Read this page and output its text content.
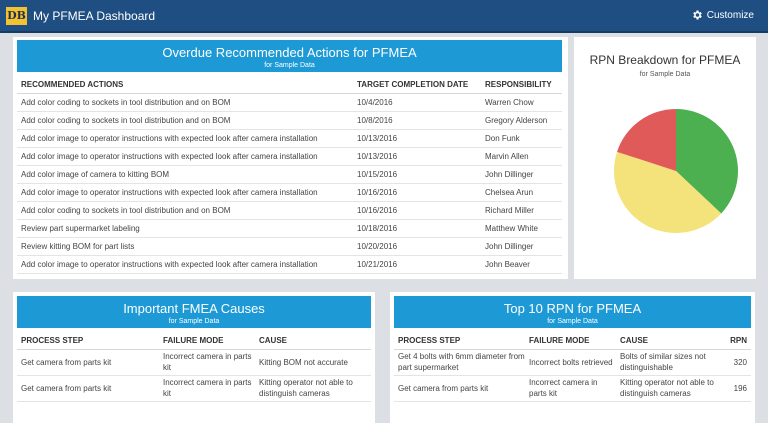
DB My PFMEA Dashboard	Customize
Overdue Recommended Actions for PFMEA
for Sample Data
RECOMMENDED ACTIONS	TARGET COMPLETION DATE	RESPONSIBILITY
Add color coding to sockets in tool distribution and on BOM	10/4/2016	Warren Chow
Add color coding to sockets in tool distribution and on BOM	10/8/2016	Gregory Alderson
Add color image to operator instructions with expected look after camera installation	10/13/2016	Don Funk
Add color image to operator instructions with expected look after camera installation	10/13/2016	Marvin Allen
Add color image of camera to kitting BOM	10/15/2016	John Dillinger
Add color image to operator instructions with expected look after camera installation	10/16/2016	Chelsea Arun
Add color coding to sockets in tool distribution and on BOM	10/16/2016	Richard Miller
Review part supermarket labeling	10/18/2016	Matthew White
Review kitting BOM for part lists	10/20/2016	John Dillinger
Add color image to operator instructions with expected look after camera installation	10/21/2016	John Beaver
RPN Breakdown for PFMEA
for Sample Data
Important FMEA Causes
for Sample Data
PROCESS STEP	FAILURE MODE	CAUSE
Get camera from parts kit	Incorrect camera in parts kit	Kitting BOM not accurate
Get camera from parts kit	Incorrect camera in parts kit	Kitting operator not able to distinguish cameras
Top 10 RPN for PFMEA
for Sample Data
PROCESS STEP	FAILURE MODE	CAUSE	RPN
Get 4 bolts with 6mm diameter from part supermarket	Incorrect bolts retrieved	Bolts of similar sizes not distinguishable	320
Get camera from parts kit	Incorrect camera in parts kit	Kitting operator not able to distinguish cameras	196
